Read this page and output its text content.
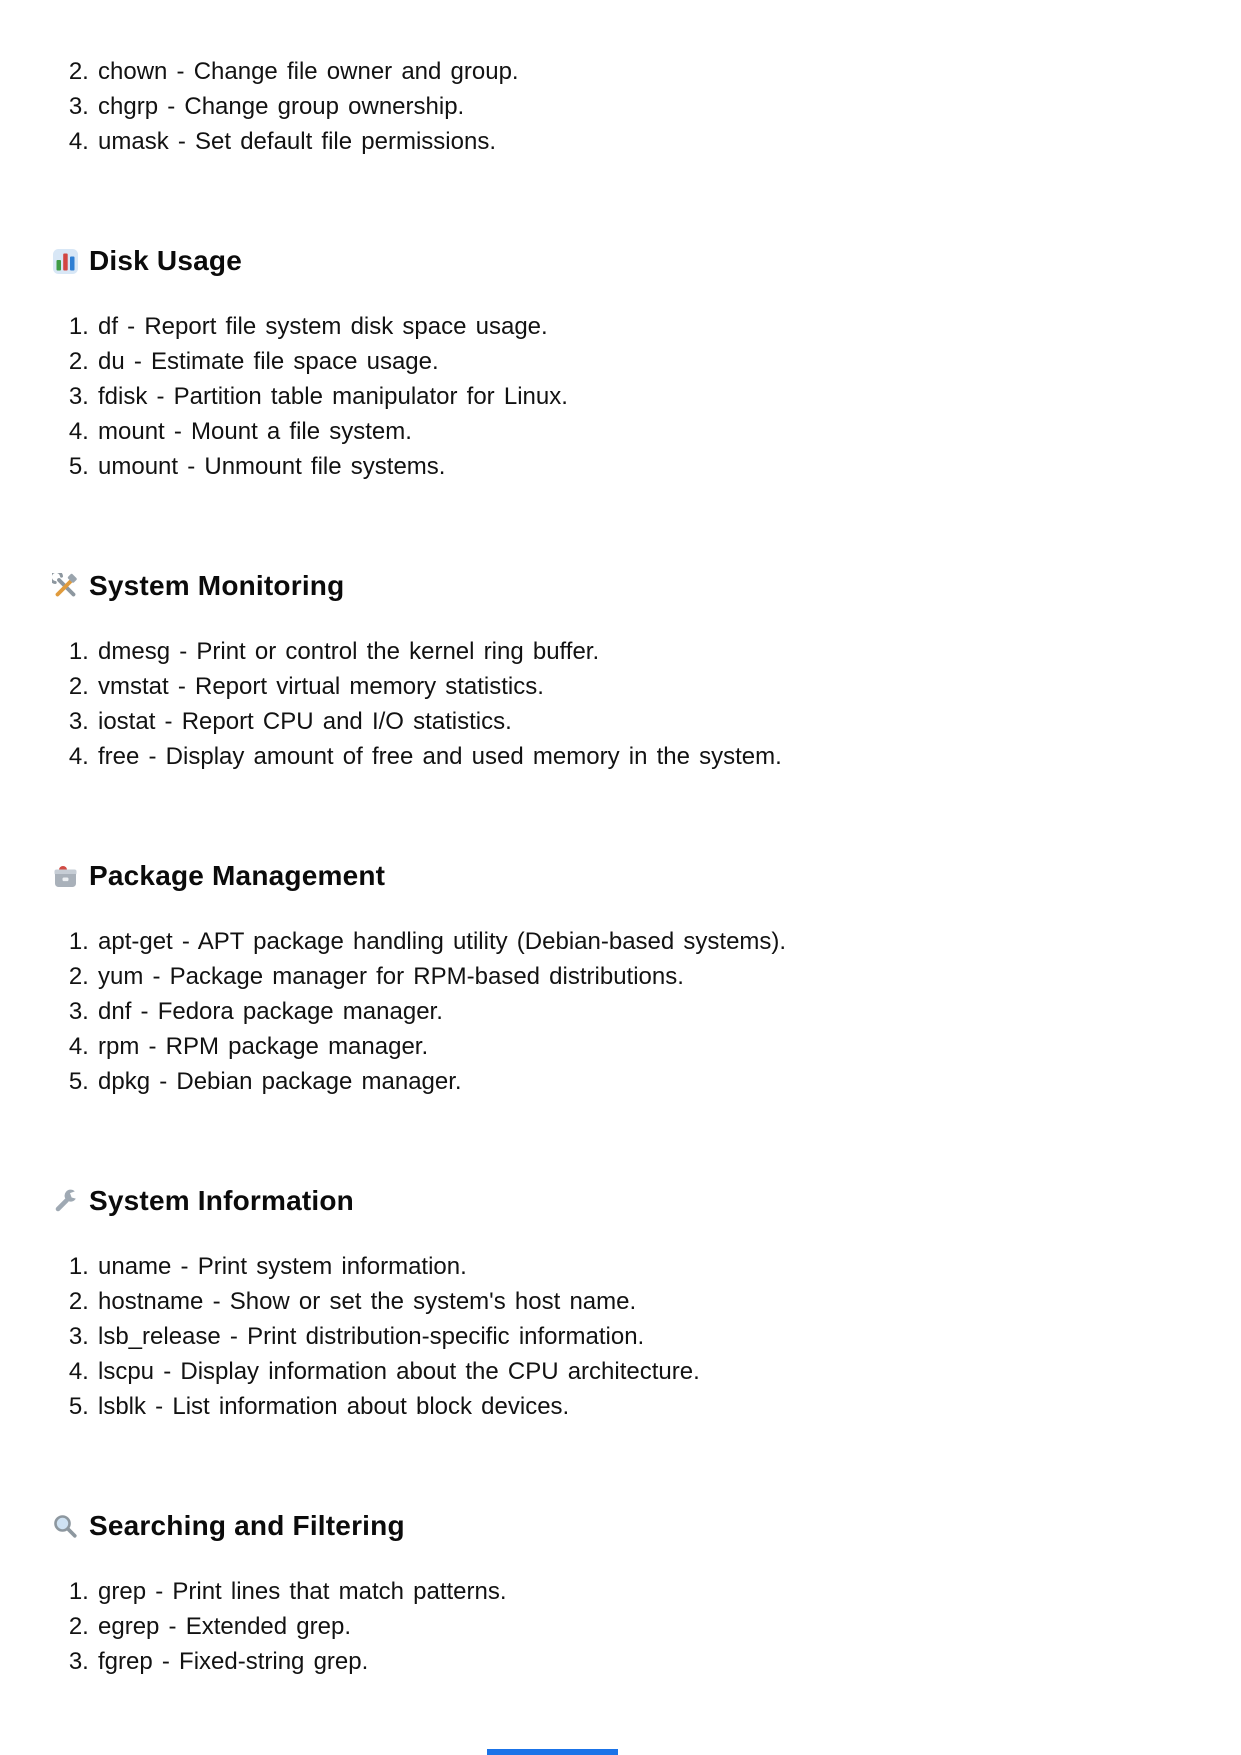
2. chown - Change file owner and group.
3. chgrp - Change group ownership.
4. umask - Set default file permissions.
Disk Usage
1. df - Report file system disk space usage.
2. du - Estimate file space usage.
3. fdisk - Partition table manipulator for Linux.
4. mount - Mount a file system.
5. umount - Unmount file systems.
System Monitoring
1. dmesg - Print or control the kernel ring buffer.
2. vmstat - Report virtual memory statistics.
3. iostat - Report CPU and I/O statistics.
4. free - Display amount of free and used memory in the system.
Package Management
1. apt-get - APT package handling utility (Debian-based systems).
2. yum - Package manager for RPM-based distributions.
3. dnf - Fedora package manager.
4. rpm - RPM package manager.
5. dpkg - Debian package manager.
System Information
1. uname - Print system information.
2. hostname - Show or set the system's host name.
3. lsb_release - Print distribution-specific information.
4. lscpu - Display information about the CPU architecture.
5. lsblk - List information about block devices.
Searching and Filtering
1. grep - Print lines that match patterns.
2. egrep - Extended grep.
3. fgrep - Fixed-string grep.
